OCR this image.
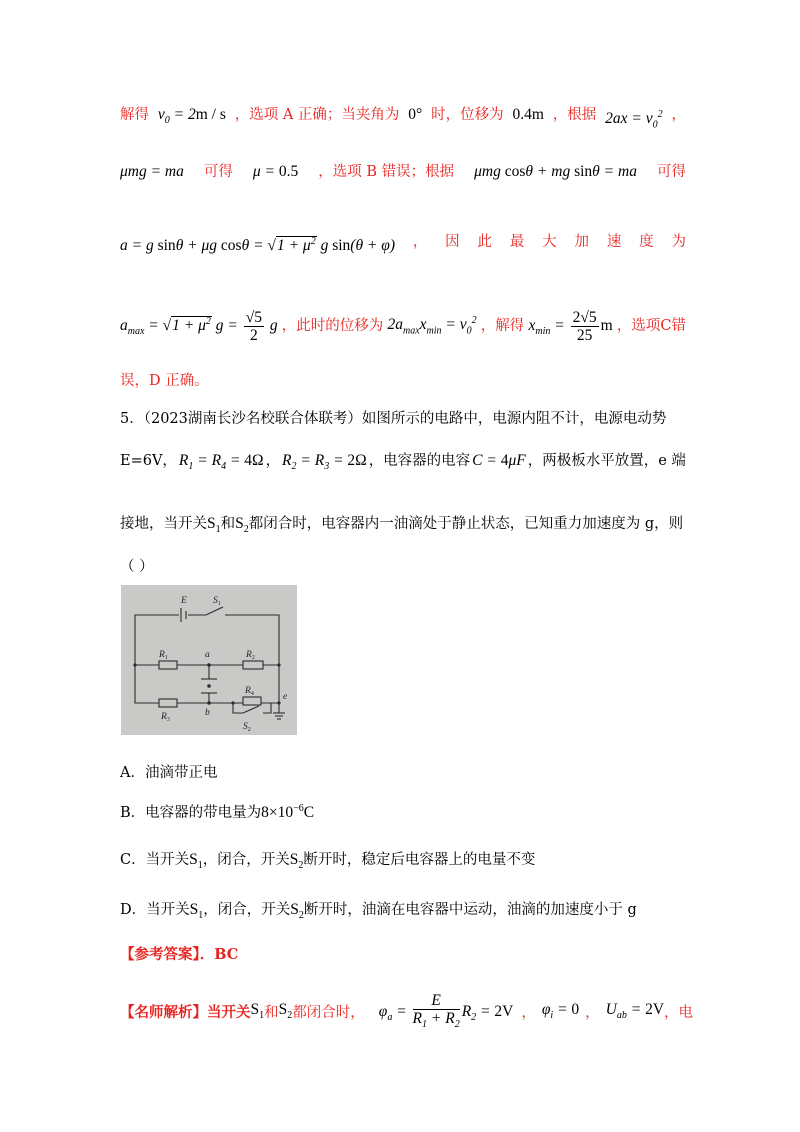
解得 $v_0 = 2m / s$ ，选项 A 正确；当夹角为 0° 时，位移为 0.4m ，根据 $2ax = v_0^2$ ，
μmg = ma 可得 μ = 0.5 ，选项 B 错误；根据 μmg cosθ + mg sinθ = ma 可得
a = g sinθ + μg $\cos\theta = √1 + \mu^2$ g sin(θ + φ) ， 因 此 最 大 加 速 度 为
$a_{max} = √1 + \mu^2$ $g = \frac{√5}{2}$ g ，此时的位移为 $2a_{max}x_{min} = v_0^2$ ，解得 $x_{min} = \frac{2√5}{25}$ m ，选项C错
误，D 正确。
5．（2023湖南长沙名校联合体联考）如图所示的电路中，电源内阻不计，电源电动势
E=6V， $R_1 = R_4 = 4\Omega$ ， $R_2 = R_3 = 2\Omega$ ，电容器的电容 C = 4μF ，两极板水平放置，e 端
接地，当开关$S_1$和$S_2$都闭合时，电容器内一油滴处于静止状态，已知重力加速度为 g，则
（ ）
E	$S_1$
$R_1$	$R_2$
a
b
$R_4$	e
$R_3$
$S_2$
A．油滴带正电
B．电容器的带电量为$8\times 10^{-6}C$
C．当开关$S_1$，闭合，开关$S_2$断开时，稳定后电容器上的电量不变
D．当开关$S_1$，闭合，开关$S_2$断开时，油滴在电容器中运动，油滴的加速度小于 g
【参考答案】．BC
【名师解析】当开关 $S_1$ 和 $S_2$ 都闭合时， $\varphi_a = \frac{E}{R_1 + R_2} R_2 = 2V$ ， $\varphi_i = 0$ ， $U_{ab} = 2V$ ，电
